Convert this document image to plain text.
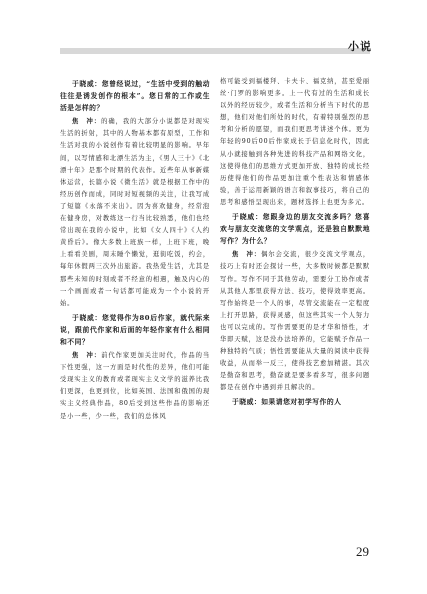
小说

于晓威：您曾经说过，“生活中受到的触动往往是诱发创作的根本”。您日常的工作或生活是怎样的？

焦　冲：的确，我的大部分小说都是对现实生活的折射，其中的人物基本都有原型，工作和生活对我的小说创作有着比较明显的影响。早年间，以写情感和北漂生活为主，《男人三十》《北漂十年》是那个时期的代表作。近些年从事新媒体运营，长篇小说《微生活》就是根据工作中的经历创作而成，同时对短视频的关注，让我写成了短篇《永落不来出》。因为喜欢健身，经常泡在健身房，对教练这一行当比较熟悉，他们也经常出现在我的小说中，比如《女人四十》《人约黄昏后》。像大多数上班族一样，上班下班，晚上看看美剧，周末睡个懒觉，逛街吃饭，约会，每年休假两三次外出旅游。我热爱生活，尤其是那些未知的时刻或者不经意的相遇，触及内心的一个画面或者一句话都可能成为一个小说的开始。

于晓威：您觉得作为80后作家，就代际来说，跟前代作家和后面的年轻作家有什么相同和不同？

焦　冲：前代作家更加关注时代，作品的当下性更强，这一方面是时代性的差异，他们可能受现实主义的教育或者现实主义文学的滋养比我们更深，也更到位，比如英国、法国和俄国的现实主义经典作品，80后受到这些作品的影响还是小一些，少一些，我们的总体风

格可能受到福楼拜、卡夫卡、福克纳，甚至爱丽丝·门罗的影响更多。上一代有过的生活和成长以外的经历较少，或者生活和分析当下时代的思想，他们对他们所处的时代，有着特别强烈的思考和分析的愿望，而我们更思考讲述个体。更为年轻的90后00后作家成长于信息化时代，因此从小就接触到各种先进的科技产品和网络文化，这使得他们的思维方式更加开放、独特的成长经历使得他们的作品更加注重个性表达和情感体验，善于运用新颖的语言和叙事技巧，将自己的思考和感悟呈现出来，题材选择上也更为多元。

于晓威：您跟身边的朋友交流多吗？您喜欢与朋友交流您的文学观点，还是独自默默地写作？为什么？

焦　冲：偶尔会交流，很少交流文学观点，技巧上有时还会探讨一些，大多数时候都是默默写作。写作不同于其他劳动，需要分工协作或者从其他人那里获得方法、技巧，使得效率更高。写作始终是一个人的事，尽管交流能在一定程度上打开思路，获得灵感，但这些其实一个人努力也可以完成的。写作需要更的是才华和悟性，才华即天赋，这是没办法培养的，它能赋予作品一种独特的气质；悟性需要能从大量的阅读中获得收益，从而举一反三，使得技艺愈加精湛。其次是勤奋和思考，勤奋就是要多看多写，很多问题都是在创作中遇到并且解决的。

于晓威：如果请您对初学写作的人

29
